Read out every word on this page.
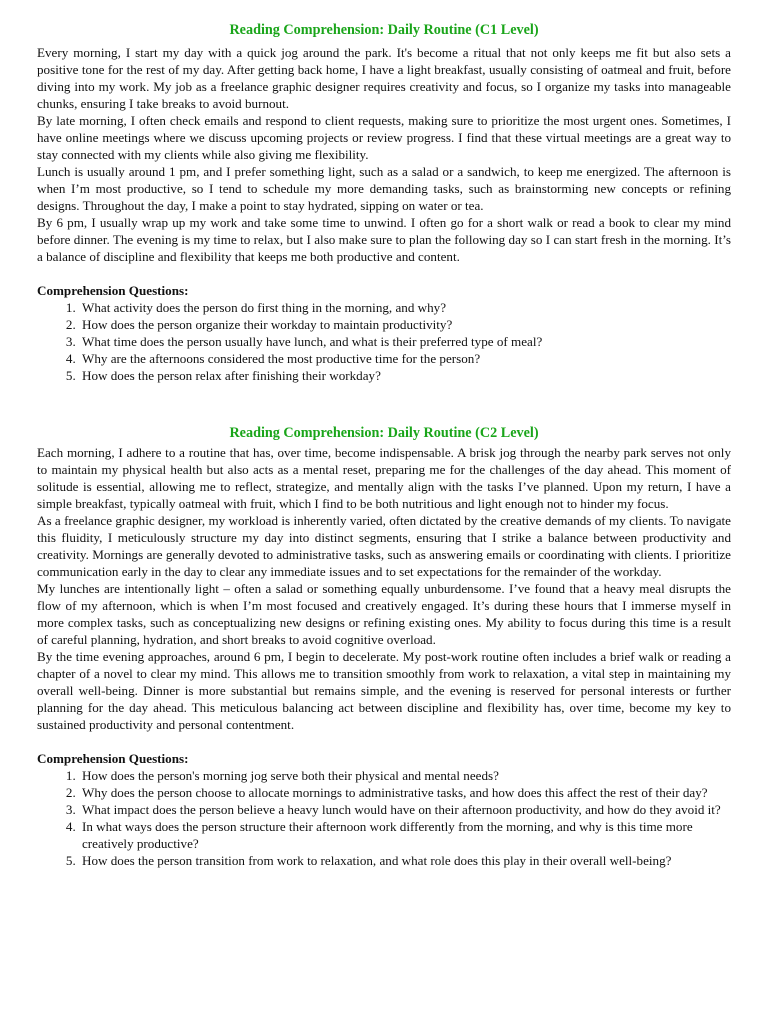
Reading Comprehension: Daily Routine (C1 Level)

Every morning, I start my day with a quick jog around the park. It's become a ritual that not only keeps me fit but also sets a positive tone for the rest of my day. After getting back home, I have a light breakfast, usually consisting of oatmeal and fruit, before diving into my work. My job as a freelance graphic designer requires creativity and focus, so I organize my tasks into manageable chunks, ensuring I take breaks to avoid burnout.

By late morning, I often check emails and respond to client requests, making sure to prioritize the most urgent ones. Sometimes, I have online meetings where we discuss upcoming projects or review progress. I find that these virtual meetings are a great way to stay connected with my clients while also giving me flexibility.

Lunch is usually around 1 pm, and I prefer something light, such as a salad or a sandwich, to keep me energized. The afternoon is when I’m most productive, so I tend to schedule my more demanding tasks, such as brainstorming new concepts or refining designs. Throughout the day, I make a point to stay hydrated, sipping on water or tea.

By 6 pm, I usually wrap up my work and take some time to unwind. I often go for a short walk or read a book to clear my mind before dinner. The evening is my time to relax, but I also make sure to plan the following day so I can start fresh in the morning. It’s a balance of discipline and flexibility that keeps me both productive and content.

Comprehension Questions:
1. What activity does the person do first thing in the morning, and why?
2. How does the person organize their workday to maintain productivity?
3. What time does the person usually have lunch, and what is their preferred type of meal?
4. Why are the afternoons considered the most productive time for the person?
5. How does the person relax after finishing their workday?
Reading Comprehension: Daily Routine (C2 Level)

Each morning, I adhere to a routine that has, over time, become indispensable. A brisk jog through the nearby park serves not only to maintain my physical health but also acts as a mental reset, preparing me for the challenges of the day ahead. This moment of solitude is essential, allowing me to reflect, strategize, and mentally align with the tasks I’ve planned. Upon my return, I have a simple breakfast, typically oatmeal with fruit, which I find to be both nutritious and light enough not to hinder my focus.

As a freelance graphic designer, my workload is inherently varied, often dictated by the creative demands of my clients. To navigate this fluidity, I meticulously structure my day into distinct segments, ensuring that I strike a balance between productivity and creativity. Mornings are generally devoted to administrative tasks, such as answering emails or coordinating with clients. I prioritize communication early in the day to clear any immediate issues and to set expectations for the remainder of the workday.

My lunches are intentionally light – often a salad or something equally unburdensome. I’ve found that a heavy meal disrupts the flow of my afternoon, which is when I’m most focused and creatively engaged. It’s during these hours that I immerse myself in more complex tasks, such as conceptualizing new designs or refining existing ones. My ability to focus during this time is a result of careful planning, hydration, and short breaks to avoid cognitive overload.

By the time evening approaches, around 6 pm, I begin to decelerate. My post-work routine often includes a brief walk or reading a chapter of a novel to clear my mind. This allows me to transition smoothly from work to relaxation, a vital step in maintaining my overall well-being. Dinner is more substantial but remains simple, and the evening is reserved for personal interests or further planning for the day ahead. This meticulous balancing act between discipline and flexibility has, over time, become my key to sustained productivity and personal contentment.

Comprehension Questions:
1. How does the person's morning jog serve both their physical and mental needs?
2. Why does the person choose to allocate mornings to administrative tasks, and how does this affect the rest of their day?
3. What impact does the person believe a heavy lunch would have on their afternoon productivity, and how do they avoid it?
4. In what ways does the person structure their afternoon work differently from the morning, and why is this time more creatively productive?
5. How does the person transition from work to relaxation, and what role does this play in their overall well-being?
